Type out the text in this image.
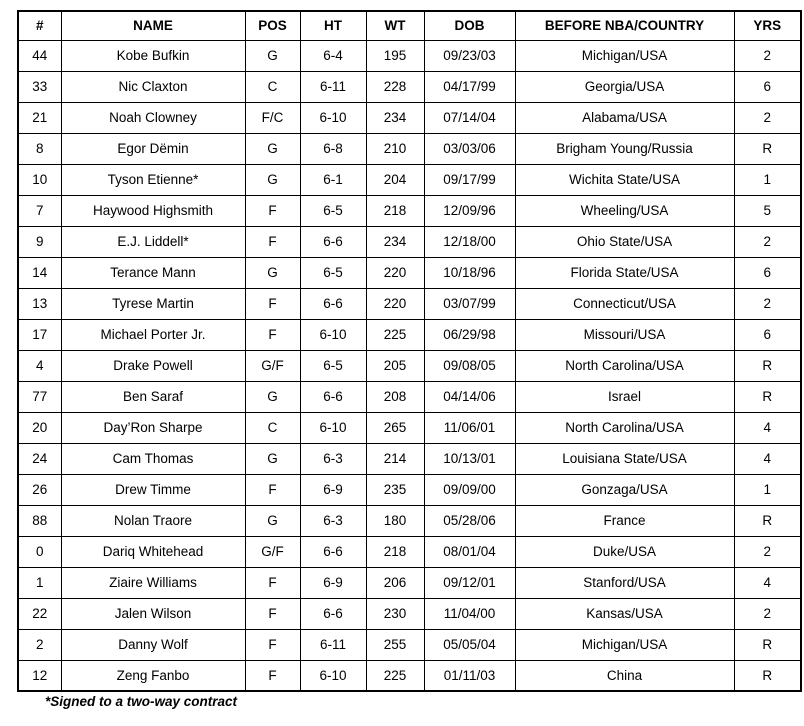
#	NAME	POS	HT	WT	DOB	BEFORE NBA/COUNTRY	YRS
44	Kobe Bufkin	G	6-4	195	09/23/03	Michigan/USA	2
33	Nic Claxton	C	6-11	228	04/17/99	Georgia/USA	6
21	Noah Clowney	F/C	6-10	234	07/14/04	Alabama/USA	2
8	Egor Dëmin	G	6-8	210	03/03/06	Brigham Young/Russia	R
10	Tyson Etienne*	G	6-1	204	09/17/99	Wichita State/USA	1
7	Haywood Highsmith	F	6-5	218	12/09/96	Wheeling/USA	5
9	E.J. Liddell*	F	6-6	234	12/18/00	Ohio State/USA	2
14	Terance Mann	G	6-5	220	10/18/96	Florida State/USA	6
13	Tyrese Martin	F	6-6	220	03/07/99	Connecticut/USA	2
17	Michael Porter Jr.	F	6-10	225	06/29/98	Missouri/USA	6
4	Drake Powell	G/F	6-5	205	09/08/05	North Carolina/USA	R
77	Ben Saraf	G	6-6	208	04/14/06	Israel	R
20	Day’Ron Sharpe	C	6-10	265	11/06/01	North Carolina/USA	4
24	Cam Thomas	G	6-3	214	10/13/01	Louisiana State/USA	4
26	Drew Timme	F	6-9	235	09/09/00	Gonzaga/USA	1
88	Nolan Traore	G	6-3	180	05/28/06	France	R
0	Dariq Whitehead	G/F	6-6	218	08/01/04	Duke/USA	2
1	Ziaire Williams	F	6-9	206	09/12/01	Stanford/USA	4
22	Jalen Wilson	F	6-6	230	11/04/00	Kansas/USA	2
2	Danny Wolf	F	6-11	255	05/05/04	Michigan/USA	R
12	Zeng Fanbo	F	6-10	225	01/11/03	China	R
*Signed to a two-way contract
